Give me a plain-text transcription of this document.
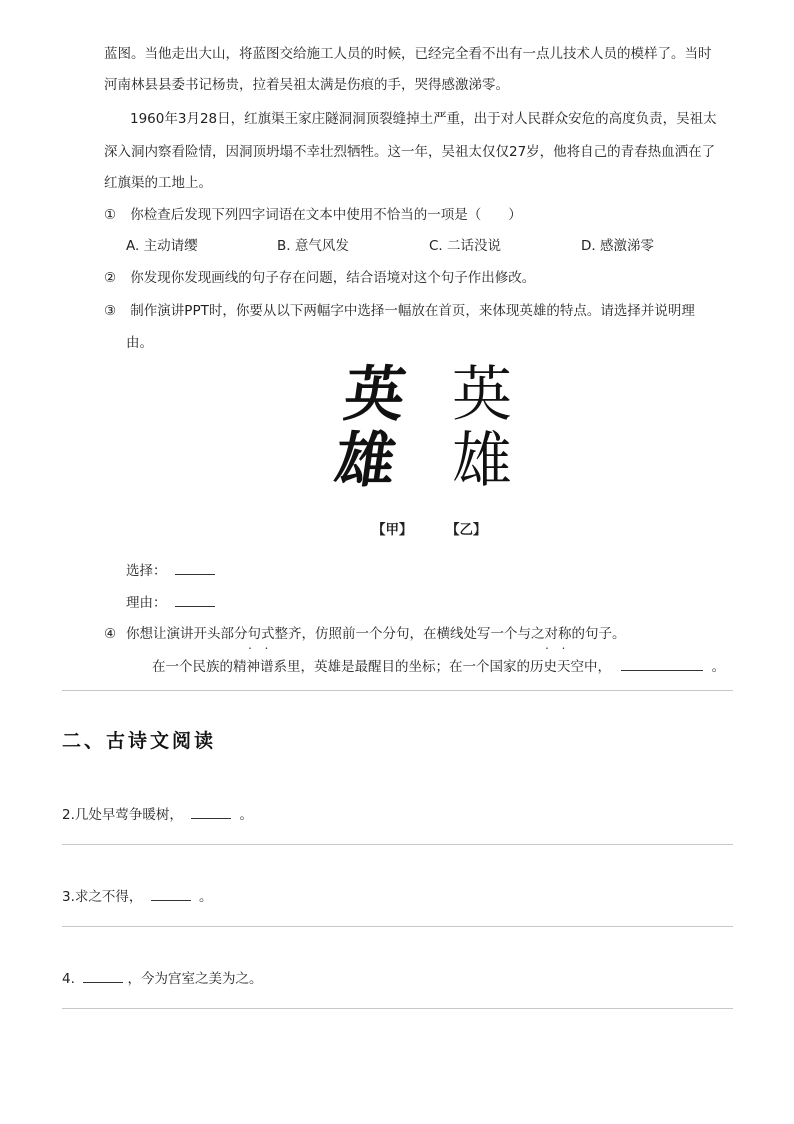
蓝图。当他走出大山，将蓝图交给施工人员的时候，已经完全看不出有一点儿技术人员的模样了。当时
河南林县县委书记杨贵，拉着吴祖太满是伤痕的手，哭得感激涕零。
1960年3月28日，红旗渠王家庄隧洞洞顶裂缝掉土严重，出于对人民群众安危的高度负责，吴祖太
深入洞内察看险情，因洞顶坍塌不幸壮烈牺牲。这一年，吴祖太仅仅27岁，他将自己的青春热血洒在了
红旗渠的工地上。
① 你检查后发现下列四字词语在文本中使用不恰当的一项是（　　）
A. 主动请缨	B. 意气风发	C. 二话没说	D. 感激涕零
② 你发现你发现画线的句子存在问题，结合语境对这个句子作出修改。
③ 制作演讲PPT时，你要从以下两幅字中选择一幅放在首页，来体现英雄的特点。请选择并说明理
由。
英
雄
英
雄
【甲】 【乙】
选择：
理由：
④ 你想让演讲开头部分句式 • •整齐，仿照前一个分句，在横线处写一个与之对称 • •的句子。
在一个民族的精神谱系里，英雄是最醒目的坐标；在一个国家的历史天空中，	。
二、古诗文阅读
2.几处早莺争暖树，	。
3.求之不得，	。
4.	，今为宫室之美为之。
